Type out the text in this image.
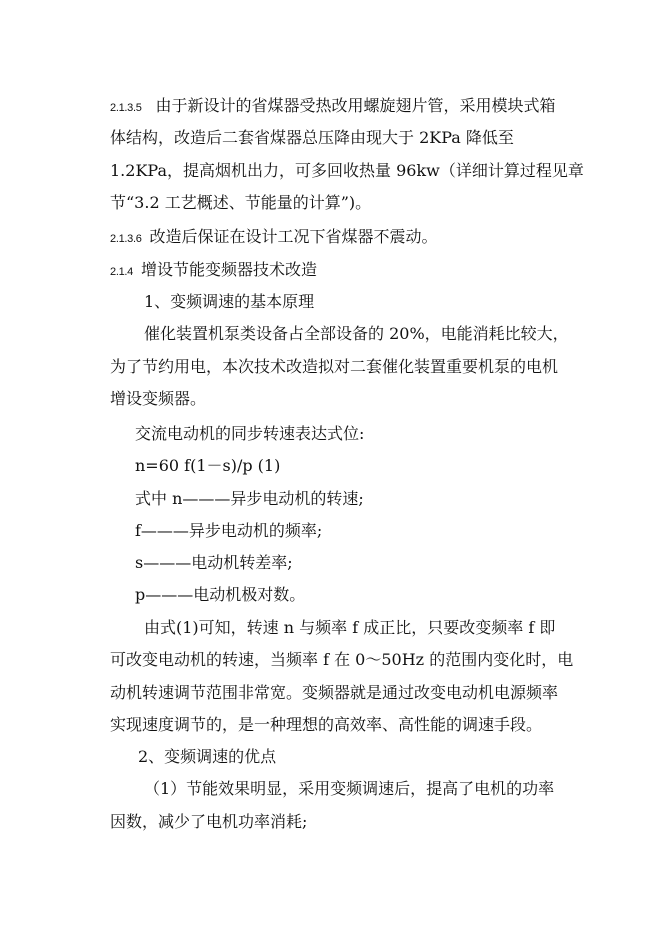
2.1.3.5 由于新设计的省煤器受热改用螺旋翅片管，采用模块式箱
体结构，改造后二套省煤器总压降由现大于 2KPa 降低至
1.2KPa，提高烟机出力，可多回收热量 96kw（详细计算过程见章
节“3.2 工艺概述、节能量的计算”)。
2.1.3.6 改造后保证在设计工况下省煤器不震动。
2.1.4 增设节能变频器技术改造
1、变频调速的基本原理
催化装置机泵类设备占全部设备的 20%，电能消耗比较大，
为了节约用电，本次技术改造拟对二套催化装置重要机泵的电机
增设变频器。
交流电动机的同步转速表达式位:
n=60 f(1－s)/p (1)
式中 n———异步电动机的转速;
f———异步电动机的频率;
s———电动机转差率;
p———电动机极对数。
由式(1)可知，转速 n 与频率 f 成正比，只要改变频率 f 即
可改变电动机的转速，当频率 f 在 0～50Hz 的范围内变化时，电
动机转速调节范围非常宽。变频器就是通过改变电动机电源频率
实现速度调节的，是一种理想的高效率、高性能的调速手段。
2、变频调速的优点
（1）节能效果明显，采用变频调速后，提高了电机的功率
因数，减少了电机功率消耗;
